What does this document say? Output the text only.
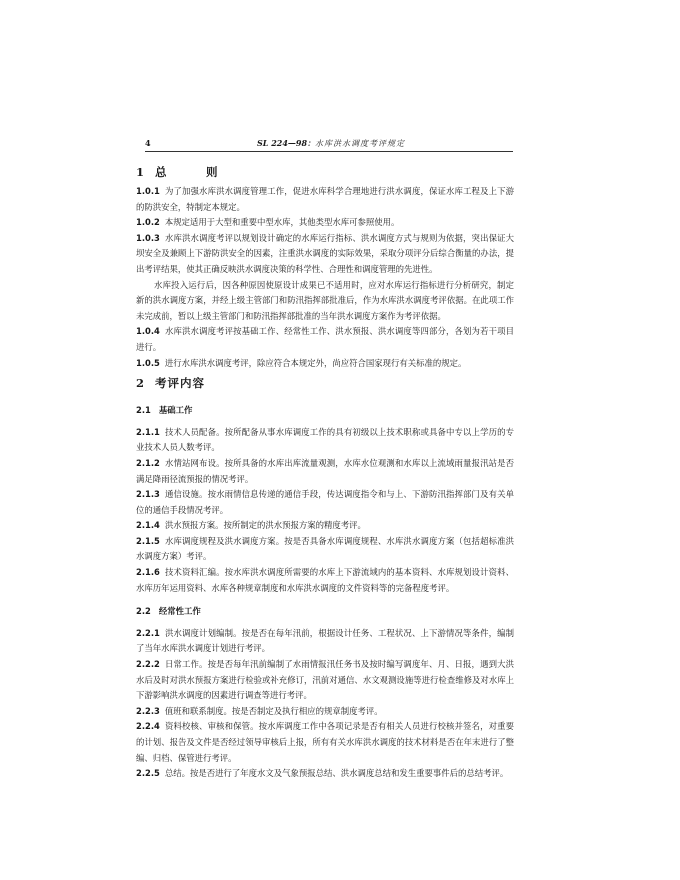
4	SL 224—98：水库洪水调度考评规定

1 总　则

1.0.1 为了加强水库洪水调度管理工作，促进水库科学合理地进行洪水调度，保证水库工程及上下游的防洪安全，特制定本规定。

1.0.2 本规定适用于大型和重要中型水库，其他类型水库可参照使用。

1.0.3 水库洪水调度考评以规划设计确定的水库运行指标、洪水调度方式与规则为依据，突出保证大坝安全及兼顾上下游防洪安全的因素，注重洪水调度的实际效果，采取分项评分后综合衡量的办法，提出考评结果，使其正确反映洪水调度决策的科学性、合理性和调度管理的先进性。

水库投入运行后，因各种原因使原设计成果已不适用时，应对水库运行指标进行分析研究，制定新的洪水调度方案，并经上级主管部门和防汛指挥部批准后，作为水库洪水调度考评依据。在此项工作未完成前，暂以上级主管部门和防汛指挥部批准的当年洪水调度方案作为考评依据。

1.0.4 水库洪水调度考评按基础工作、经常性工作、洪水预报、洪水调度等四部分，各划为若干项目进行。

1.0.5 进行水库洪水调度考评，除应符合本规定外，尚应符合国家现行有关标准的规定。

2 考评内容

2.1 基础工作

2.1.1 技术人员配备。按所配备从事水库调度工作的具有初级以上技术职称或具备中专以上学历的专业技术人员人数考评。

2.1.2 水情站网布设。按所具备的水库出库流量观测，水库水位观测和水库以上流域雨量报汛站是否满足降雨径流预报的情况考评。

2.1.3 通信设施。按水雨情信息传递的通信手段，传达调度指令和与上、下游防汛指挥部门及有关单位的通信手段情况考评。

2.1.4 洪水预报方案。按所制定的洪水预报方案的精度考评。

2.1.5 水库调度规程及洪水调度方案。按是否具备水库调度规程、水库洪水调度方案（包括超标准洪水调度方案）考评。

2.1.6 技术资料汇编。按水库洪水调度所需要的水库上下游流域内的基本资料、水库规划设计资料、水库历年运用资料、水库各种规章制度和水库洪水调度的文件资料等的完备程度考评。

2.2 经常性工作

2.2.1 洪水调度计划编制。按是否在每年汛前，根据设计任务、工程状况、上下游情况等条件，编制了当年水库洪水调度计划进行考评。

2.2.2 日常工作。按是否每年汛前编制了水雨情报汛任务书及按时编写调度年、月、日报，遇到大洪水后及时对洪水预报方案进行检验或补充修订，汛前对通信、水文观测设施等进行检查维修及对水库上下游影响洪水调度的因素进行调查等进行考评。

2.2.3 值班和联系制度。按是否制定及执行相应的规章制度考评。

2.2.4 资料校核、审核和保管。按水库调度工作中各项记录是否有相关人员进行校核并签名，对重要的计划、报告及文件是否经过领导审核后上报，所有有关水库洪水调度的技术材料是否在年末进行了整编、归档、保管进行考评。

2.2.5 总结。按是否进行了年度水文及气象预报总结、洪水调度总结和发生重要事件后的总结考评。
